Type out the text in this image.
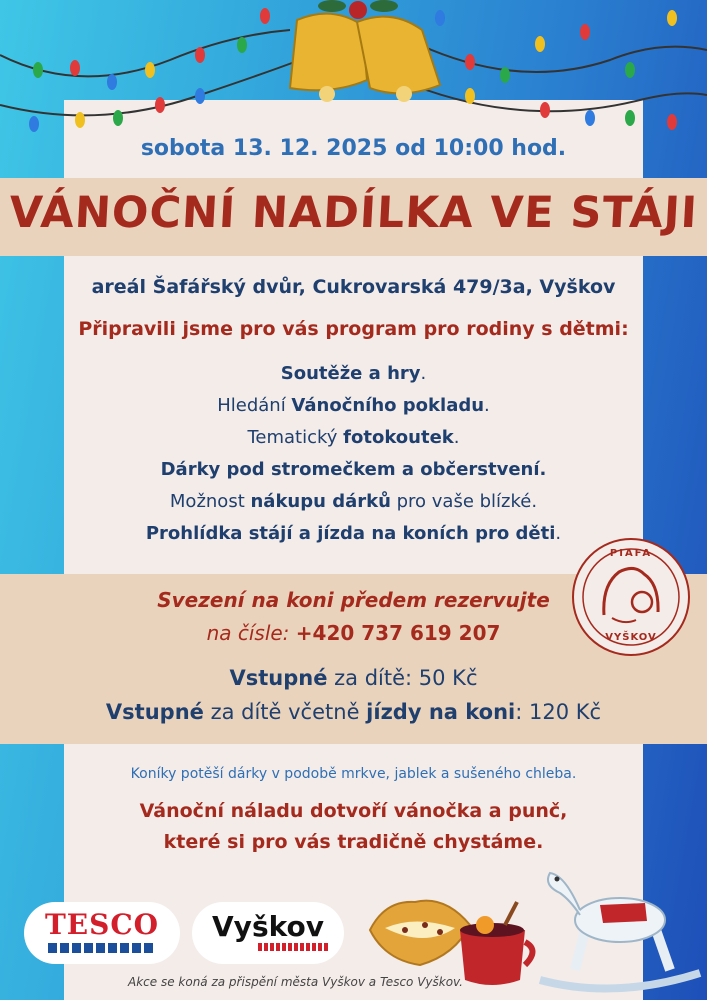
sobota 13. 12. 2025 od 10:00 hod.
VÁNOČNÍ NADÍLKA VE STÁJI
areál Šafářský dvůr, Cukrovarská 479/3a, Vyškov
Připravili jsme pro vás program pro rodiny s dětmi:
Soutěže a hry.
Hledání Vánočního pokladu.
Tematický fotokoutek.
Dárky pod stromečkem a občerstvení.
Možnost nákupu dárků pro vaše blízké.
Prohlídka stájí a jízda na koních pro děti.
Svezení na koni předem rezervujte
na čísle: +420 737 619 207
Vstupné za dítě: 50 Kč
Vstupné za dítě včetně jízdy na koni: 120 Kč
Koníky potěší dárky v podobě mrkve, jablek a sušeného chleba.
Vánoční náladu dotvoří vánočka a punč,
které si pro vás tradičně chystáme.
PIAFA
VYŠKOV
TESCO	Vyškov
Akce se koná za přispění města Vyškov a Tesco Vyškov.
